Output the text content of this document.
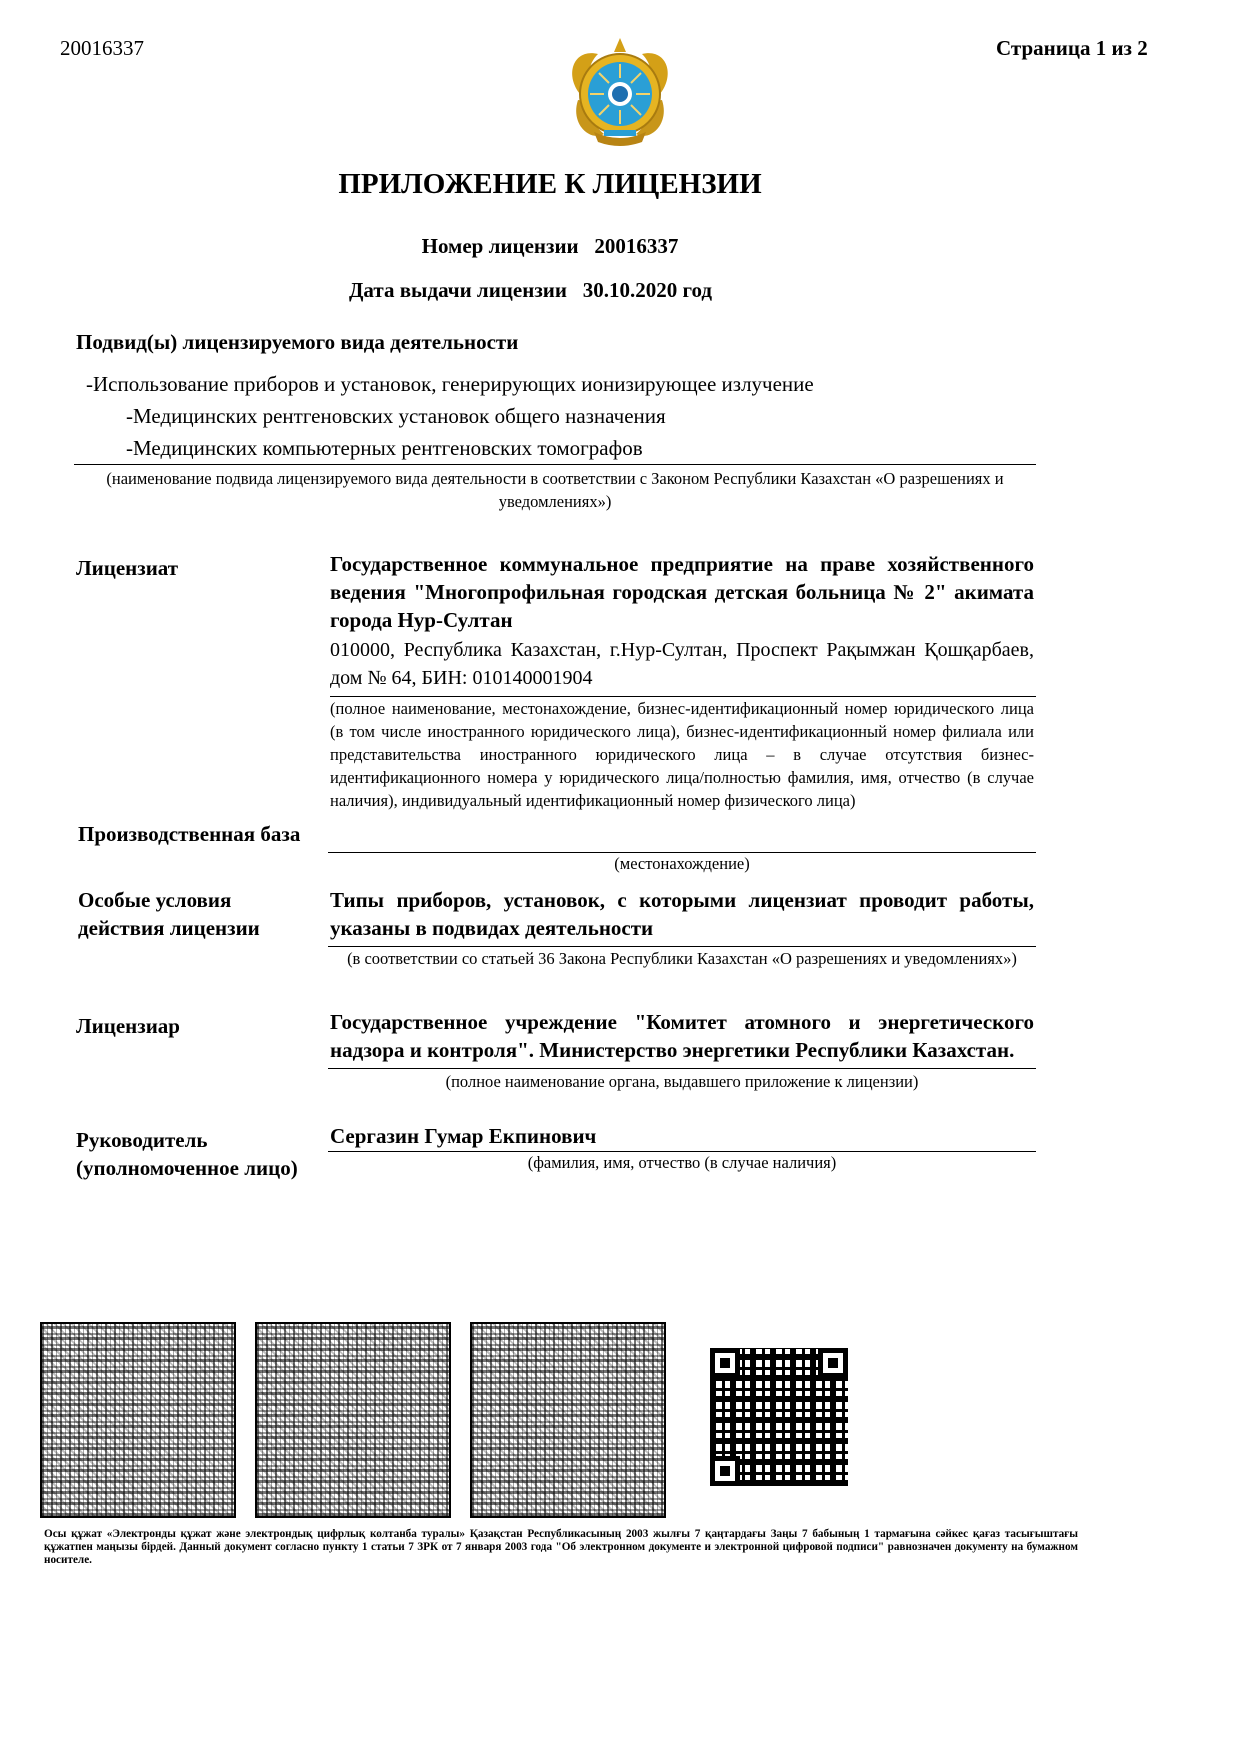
20016337	Страница 1 из 2
ПРИЛОЖЕНИЕ К ЛИЦЕНЗИИ
Номер лицензии 20016337
Дата выдачи лицензии 30.10.2020 год
Подвид(ы) лицензируемого вида деятельности
-Использование приборов и установок, генерирующих ионизирующее излучение
-Медицинских рентгеновских установок общего назначения
-Медицинских компьютерных рентгеновских томографов
(наименование подвида лицензируемого вида деятельности в соответствии с Законом Республики Казахстан «О разрешениях и уведомлениях»)
Лицензиат	Государственное коммунальное предприятие на праве хозяйственного ведения "Многопрофильная городская детская больница № 2" акимата города Нур-Султан
010000, Республика Казахстан, г.Нур-Султан, Проспект Рақымжан Қошқарбаев, дом № 64, БИН: 010140001904
(полное наименование, местонахождение, бизнес-идентификационный номер юридического лица (в том числе иностранного юридического лица), бизнес-идентификационный номер филиала или представительства иностранного юридического лица – в случае отсутствия бизнес-идентификационного номера у юридического лица/полностью фамилия, имя, отчество (в случае наличия), индивидуальный идентификационный номер физического лица)
Производственная база
(местонахождение)
Особые условия
действия лицензии
Типы приборов, установок, с которыми лицензиат проводит работы, указаны в подвидах деятельности
(в соответствии со статьей 36 Закона Республики Казахстан «О разрешениях и уведомлениях»)
Лицензиар	Государственное учреждение "Комитет атомного и энергетического надзора и контроля". Министерство энергетики Республики Казахстан.
(полное наименование органа, выдавшего приложение к лицензии)
Руководитель
(уполномоченное лицо)
Сергазин Гумар Екпинович
(фамилия, имя, отчество (в случае наличия)
Осы құжат «Электронды құжат және электрондық цифрлық колтанба туралы» Қазақстан Республикасының 2003 жылғы 7 қаңтардағы Заңы 7 бабының 1 тармағына сәйкес қағаз тасығыштағы құжатпен маңызы бірдей. Данный документ согласно пункту 1 статьи 7 ЗРК от 7 января 2003 года "Об электронном документе и электронной цифровой подписи" равнозначен документу на бумажном носителе.
